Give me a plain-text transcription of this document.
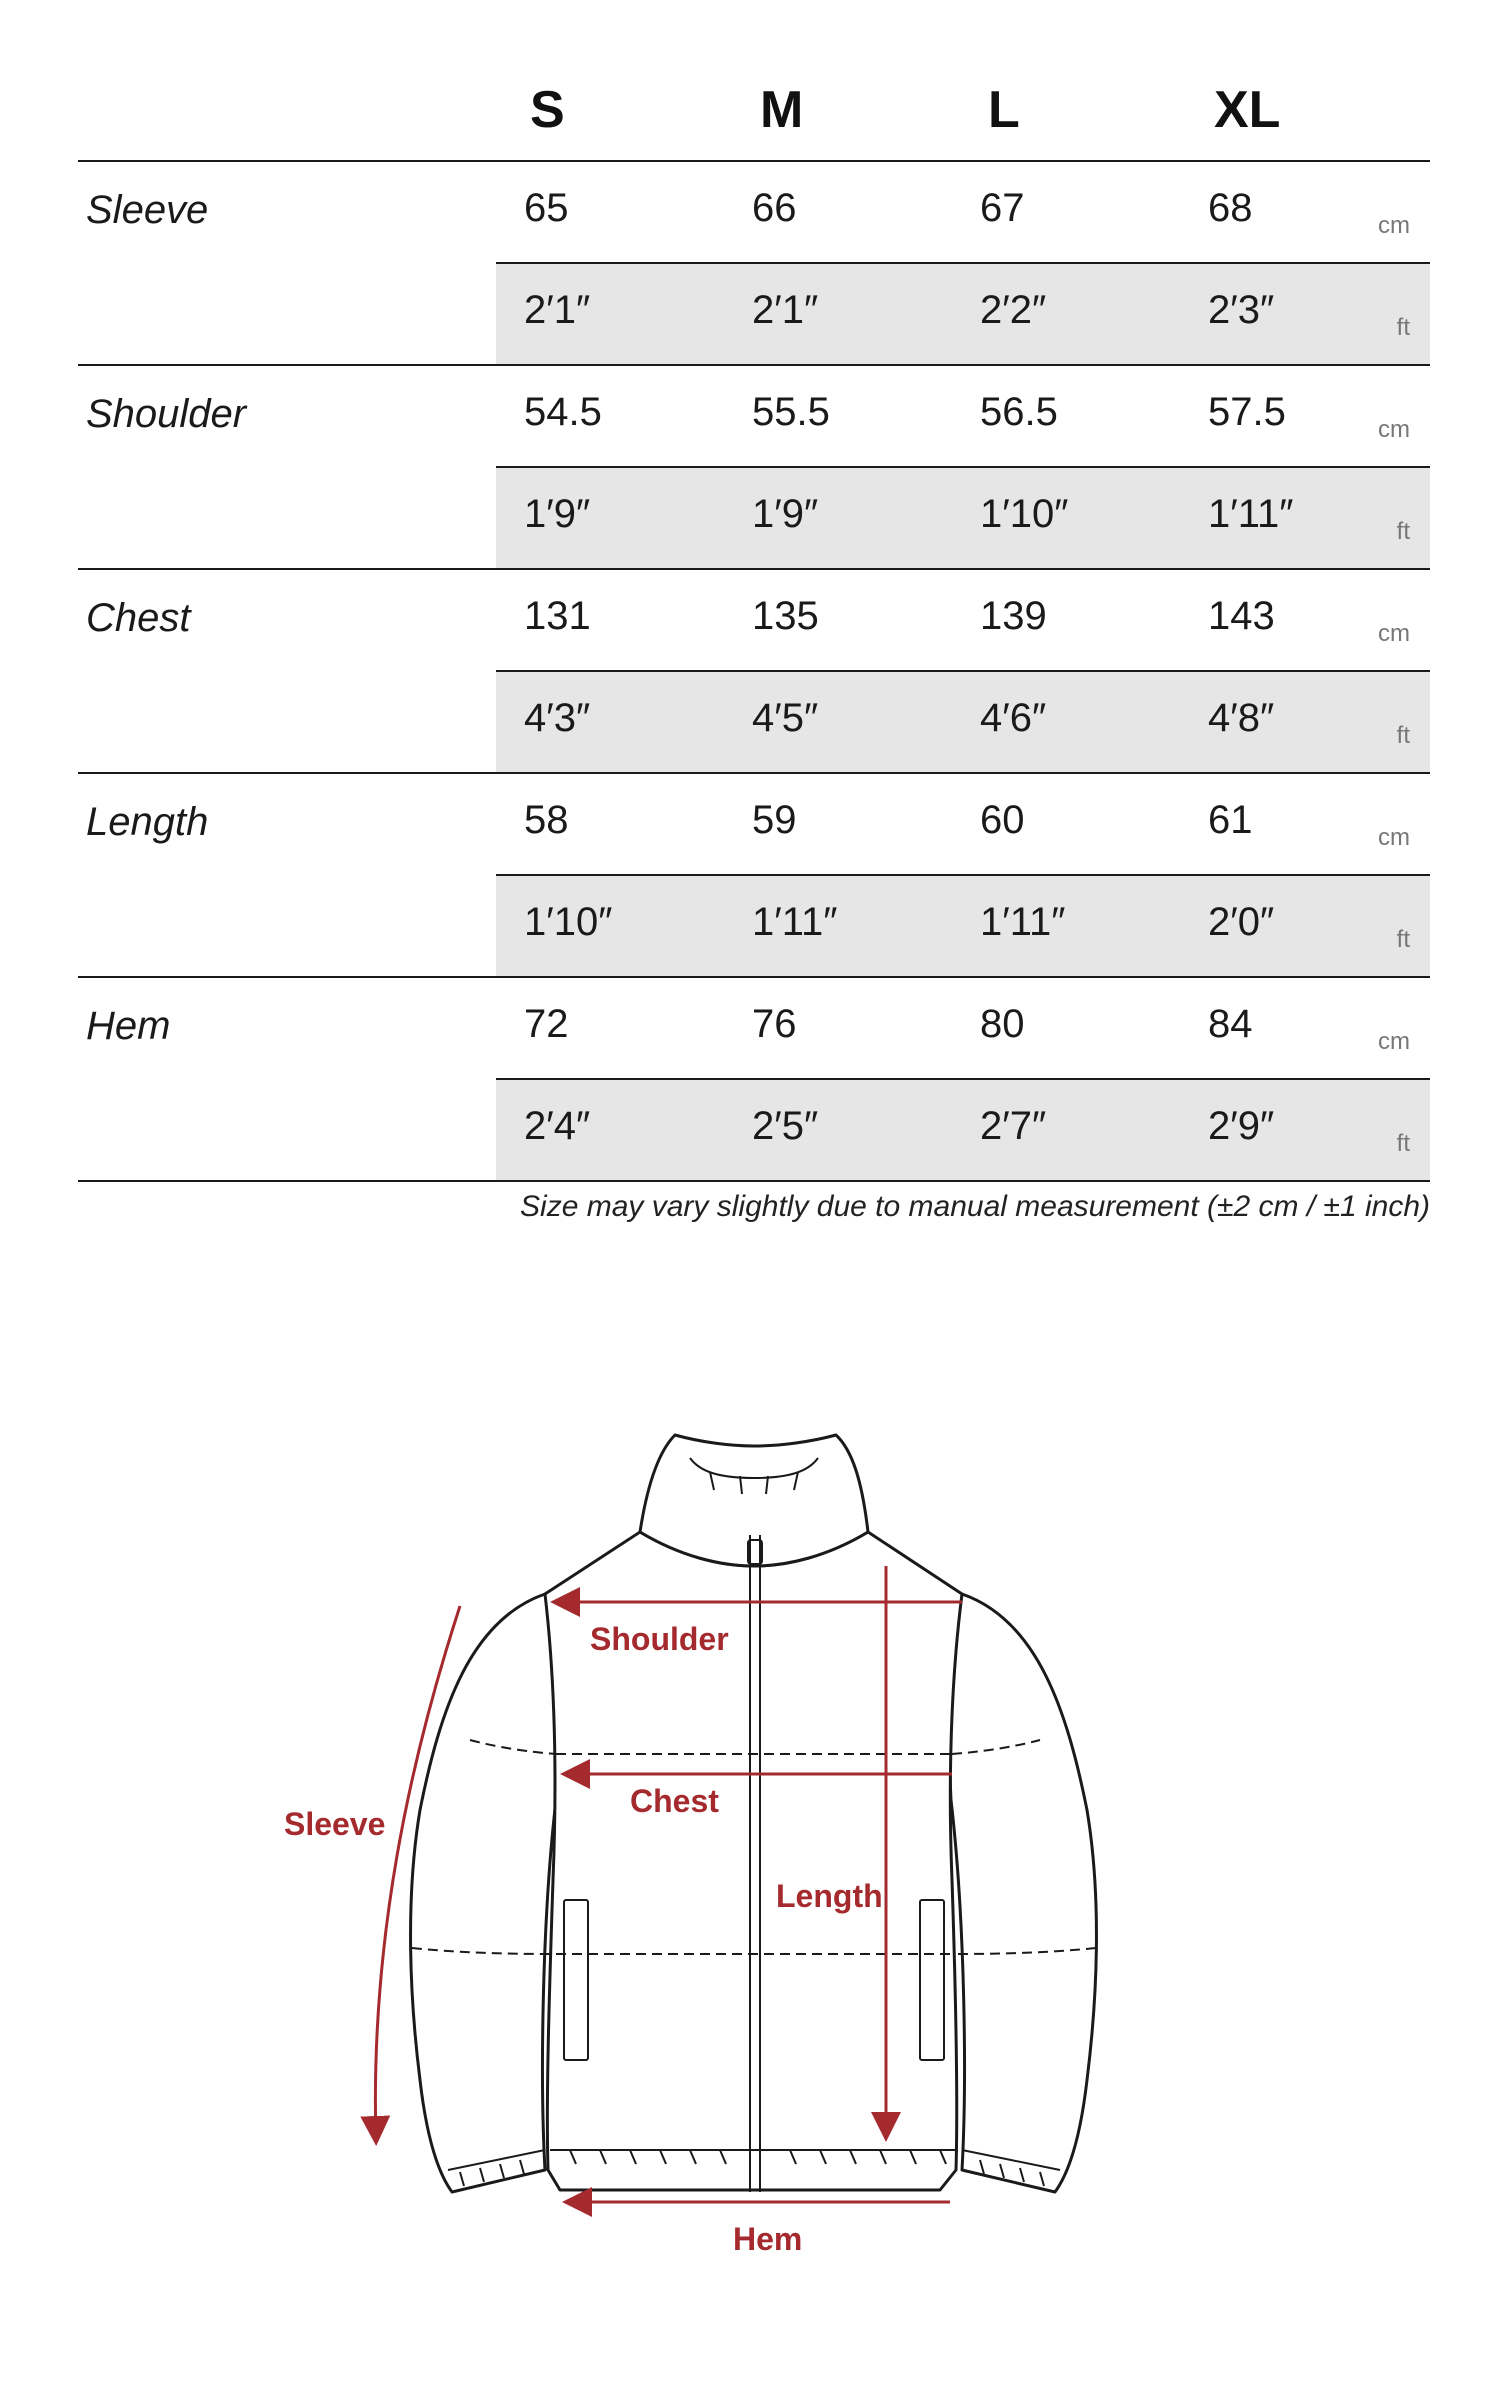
S	M	L	XL
Sleeve	65	66	67	68	cm
2′1″	2′1″	2′2″	2′3″	ft
Shoulder	54.5	55.5	56.5	57.5	cm
1′9″	1′9″	1′10″	1′11″	ft
Chest	131	135	139	143	cm
4′3″	4′5″	4′6″	4′8″	ft
Length	58	59	60	61	cm
1′10″	1′11″	1′11″	2′0″	ft
Hem	72	76	80	84	cm
2′4″	2′5″	2′7″	2′9″	ft
Size may vary slightly due to manual measurement (±2 cm / ±1 inch)
Shoulder
Chest
Sleeve
Length
Hem
